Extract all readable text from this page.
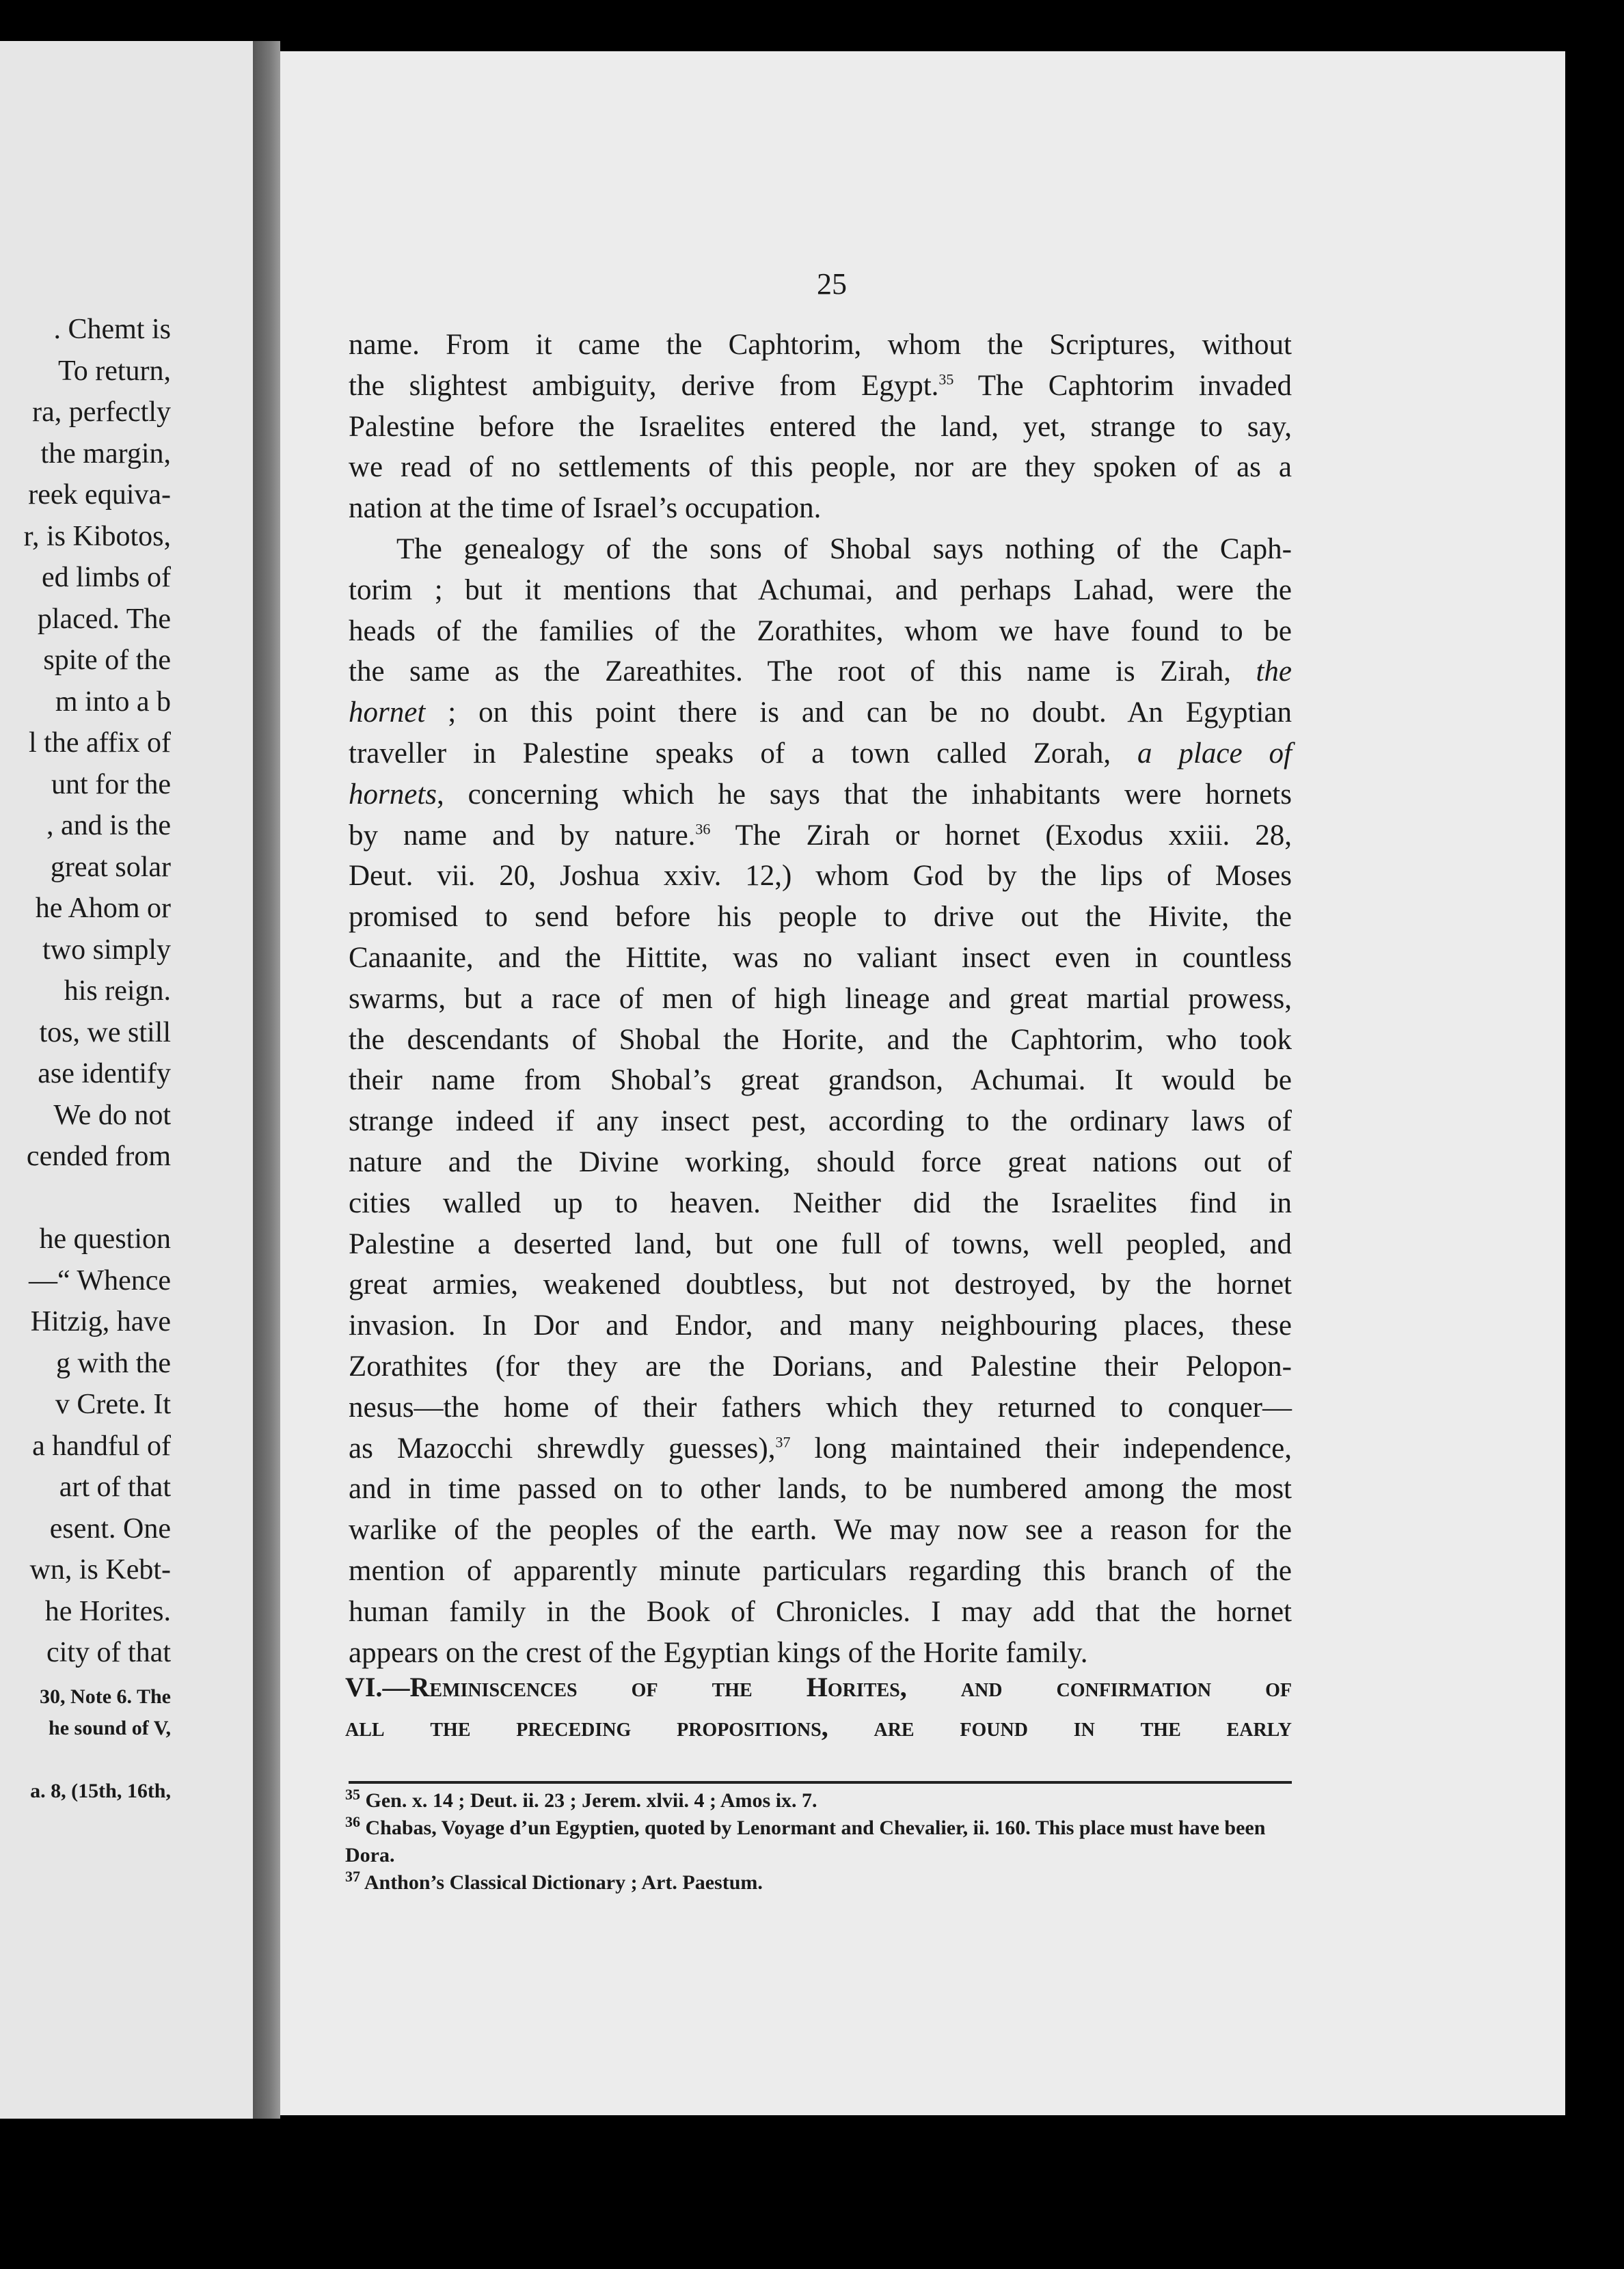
. Chemt is
To return,
ra, perfectly
the margin,
reek equiva-
r, is Kibotos,
ed limbs of
placed. The
spite of the
m into a b
l the affix of
unt for the
, and is the
great solar
he Ahom or
two simply
his reign.
tos, we still
ase identify
We do not
cended from

he question
—“ Whence
Hitzig, have
g with the
v Crete. It
a handful of
art of that
esent. One
wn, is Kebt-
he Horites.
city of that
30, Note 6. The
he sound of V,

a. 8, (15th, 16th,
25
name. From it came the Caphtorim, whom the Scriptures, without
the slightest ambiguity, derive from Egypt.$^{35}$ The Caphtorim invaded
Palestine before the Israelites entered the land, yet, strange to say,
we read of no settlements of this people, nor are they spoken of as a
nation at the time of Israel’s occupation.
The genealogy of the sons of Shobal says nothing of the Caph-
torim ; but it mentions that Achumai, and perhaps Lahad, were the
heads of the families of the Zorathites, whom we have found to be
the same as the Zareathites. The root of this name is Zirah, the
hornet ; on this point there is and can be no doubt. An Egyptian
traveller in Palestine speaks of a town called Zorah, a place of
hornets, concerning which he says that the inhabitants were hornets
by name and by nature.$^{36}$ The Zirah or hornet (Exodus xxiii. 28,
Deut. vii. 20, Joshua xxiv. 12,) whom God by the lips of Moses
promised to send before his people to drive out the Hivite, the
Canaanite, and the Hittite, was no valiant insect even in countless
swarms, but a race of men of high lineage and great martial prowess,
the descendants of Shobal the Horite, and the Caphtorim, who took
their name from Shobal’s great grandson, Achumai. It would be
strange indeed if any insect pest, according to the ordinary laws of
nature and the Divine working, should force great nations out of
cities walled up to heaven. Neither did the Israelites find in
Palestine a deserted land, but one full of towns, well peopled, and
great armies, weakened doubtless, but not destroyed, by the hornet
invasion. In Dor and Endor, and many neighbouring places, these
Zorathites (for they are the Dorians, and Palestine their Pelopon-
nesus—the home of their fathers which they returned to conquer—
as Mazocchi shrewdly guesses),$^{37}$ long maintained their independence,
and in time passed on to other lands, to be numbered among the most
warlike of the peoples of the earth. We may now see a reason for the
mention of apparently minute particulars regarding this branch of the
human family in the Book of Chronicles. I may add that the hornet
appears on the crest of the Egyptian kings of the Horite family.
VI.—Reminiscences of the Horites, and confirmation of
all the preceding propositions, are found in the early
$^{35}$ Gen. x. 14 ; Deut. ii. 23 ; Jerem. xlvii. 4 ; Amos ix. 7.
$^{36}$ Chabas, Voyage d’un Egyptien, quoted by Lenormant and Chevalier, ii. 160. This place must have been Dora.
$^{37}$ Anthon’s Classical Dictionary ; Art. Paestum.
